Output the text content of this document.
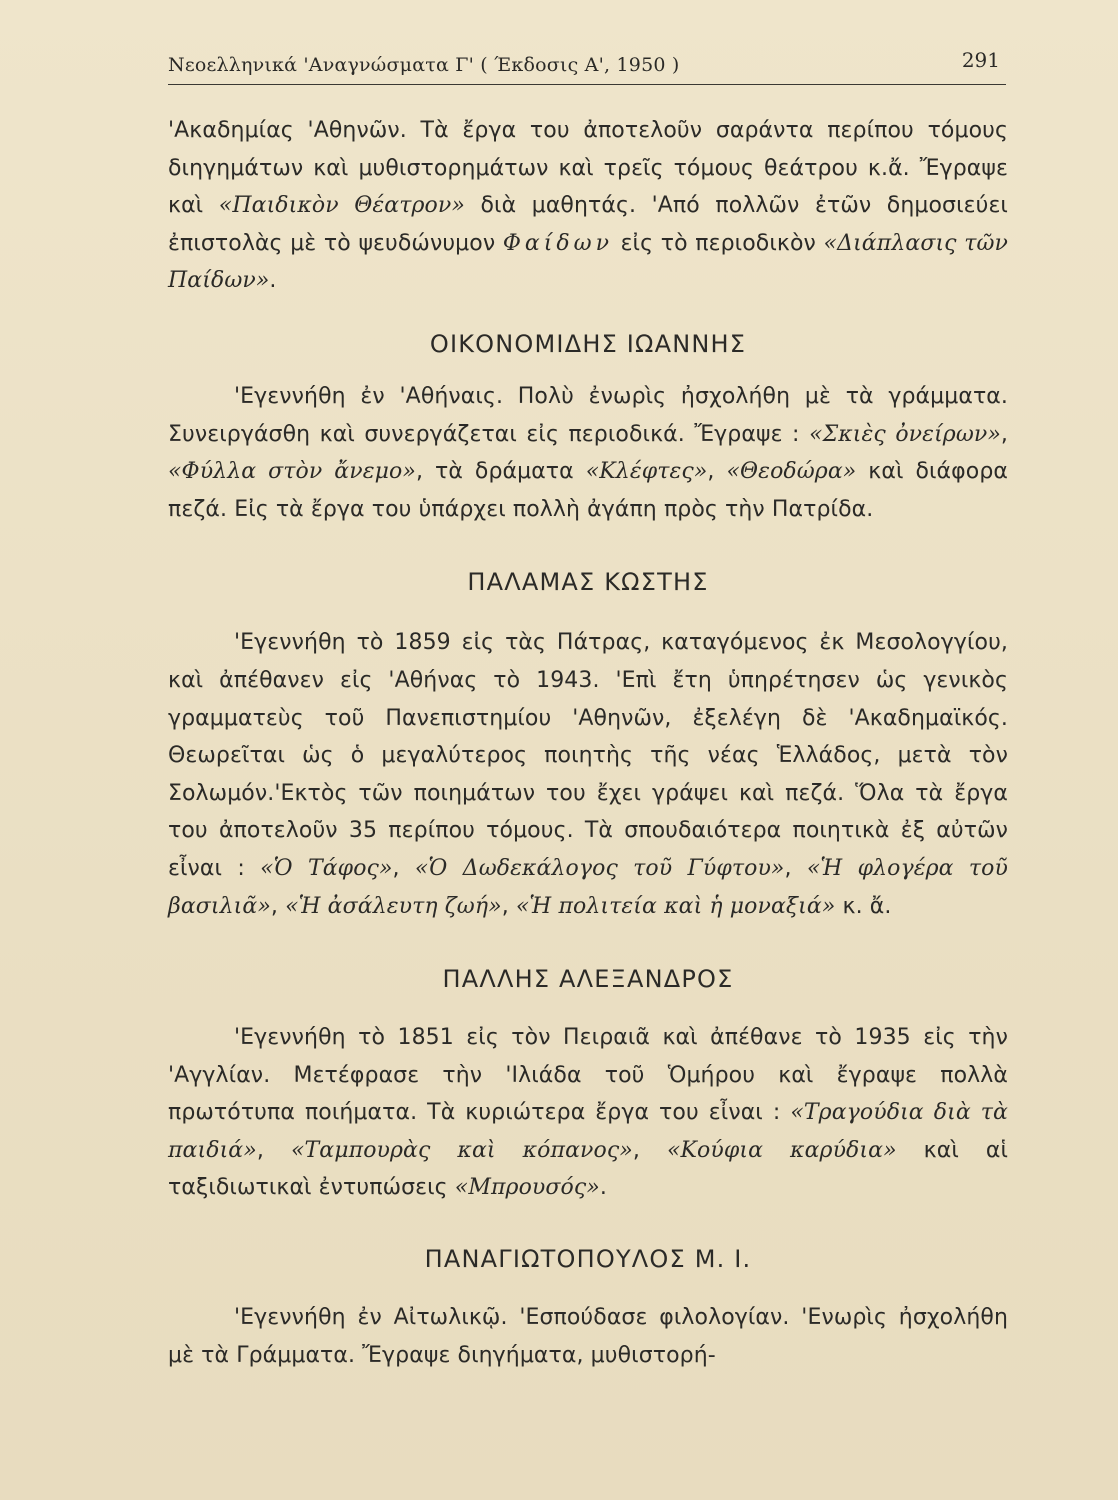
Νεοελληνικά 'Αναγνώσματα Γ' ( Έκδοσις Α', 1950 )	291

'Ακαδημίας 'Αθηνῶν. Τὰ ἔργα του ἀποτελοῦν σαράντα περίπου τόμους διηγημάτων καὶ μυθιστορημάτων καὶ τρεῖς τόμους θεάτρου κ.ἄ. Ἔγραψε καὶ «Παιδικὸν Θέατρον» διὰ μαθητάς. 'Από πολλῶν ἐτῶν δημοσιεύει ἐπιστολὰς μὲ τὸ ψευδώνυμον Φαίδων εἰς τὸ περιοδικὸν «Διάπλασις τῶν Παίδων».

ΟΙΚΟΝΟΜΙΔΗΣ ΙΩΑΝΝΗΣ

'Εγεννήθη ἐν 'Αθήναις. Πολὺ ἐνωρὶς ἠσχολήθη μὲ τὰ γράμματα. Συνειργάσθη καὶ συνεργάζεται εἰς περιοδικά. Ἔγραψε : «Σκιὲς ὀνείρων», «Φύλλα στὸν ἄνεμο», τὰ δράματα «Κλέφτες», «Θεοδώρα» καὶ διάφορα πεζά. Εἰς τὰ ἔργα του ὑπάρχει πολλὴ ἀγάπη πρὸς τὴν Πατρίδα.

ΠΑΛΑΜΑΣ ΚΩΣΤΗΣ

'Εγεννήθη τὸ 1859 εἰς τὰς Πάτρας, καταγόμενος ἐκ Μεσολογγίου, καὶ ἀπέθανεν εἰς 'Αθήνας τὸ 1943. 'Επὶ ἔτη ὑπηρέτησεν ὡς γενικὸς γραμματεὺς τοῦ Πανεπιστημίου 'Αθηνῶν, ἐξελέγη δὲ 'Ακαδημαϊκός. Θεωρεῖται ὡς ὁ μεγαλύτερος ποιητὴς τῆς νέας Ἑλλάδος, μετὰ τὸν Σολωμόν.'Εκτὸς τῶν ποιημάτων του ἔχει γράψει καὶ πεζά. Ὅλα τὰ ἔργα του ἀποτελοῦν 35 περίπου τόμους. Τὰ σπουδαιότερα ποιητικὰ ἐξ αὐτῶν εἶναι : «Ὁ Τάφος», «Ὁ Δωδεκάλογος τοῦ Γύφτου», «Ἡ φλογέρα τοῦ βασιλιᾶ», «Ἡ ἀσάλευτη ζωή», «Ἡ πολιτεία καὶ ἡ μοναξιά» κ. ἄ.

ΠΑΛΛΗΣ ΑΛΕΞΑΝΔΡΟΣ

'Εγεννήθη τὸ 1851 εἰς τὸν Πειραιᾶ καὶ ἀπέθανε τὸ 1935 εἰς τὴν 'Αγγλίαν. Μετέφρασε τὴν 'Ιλιάδα τοῦ Ὁμήρου καὶ ἔγραψε πολλὰ πρωτότυπα ποιήματα. Τὰ κυριώτερα ἔργα του εἶναι : «Τραγούδια διὰ τὰ παιδιά», «Ταμπουρὰς καὶ κόπανος», «Κούφια καρύδια» καὶ αἱ ταξιδιωτικαὶ ἐντυπώσεις «Μπρουσός».

ΠΑΝΑΓΙΩΤΟΠΟΥΛΟΣ Μ. Ι.

'Εγεννήθη ἐν Αἰτωλικῷ. 'Εσπούδασε φιλολογίαν. 'Ενωρὶς ἠσχολήθη μὲ τὰ Γράμματα. Ἔγραψε διηγήματα, μυθιστορή-
